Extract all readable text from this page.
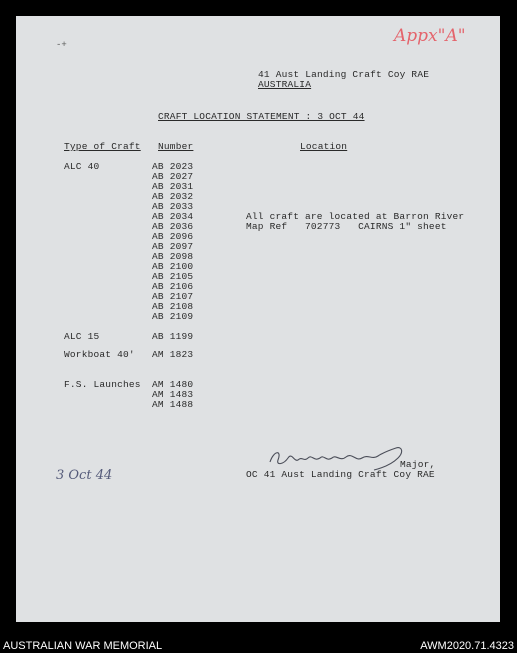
Appx"A"
-+
41 Aust Landing Craft Coy RAE
AUSTRALIA
CRAFT LOCATION STATEMENT : 3 OCT 44
Type of Craft Number	Location
ALC 40	AB 2023
AB 2027
AB 2031
AB 2032
AB 2033
AB 2034
AB 2036
AB 2096
AB 2097
AB 2098
AB 2100
AB 2105
AB 2106
AB 2107
AB 2108
AB 2109
All craft are located at Barron River
Map Ref   702773   CAIRNS 1" sheet
ALC 15	AB 1199
Workboat 40' AM 1823
F.S. Launches AM 1480
AM 1483
AM 1488
Major,
OC 41 Aust Landing Craft Coy RAE
3 Oct 44
AUSTRALIAN WAR MEMORIAL	AWM2020.71.4323
